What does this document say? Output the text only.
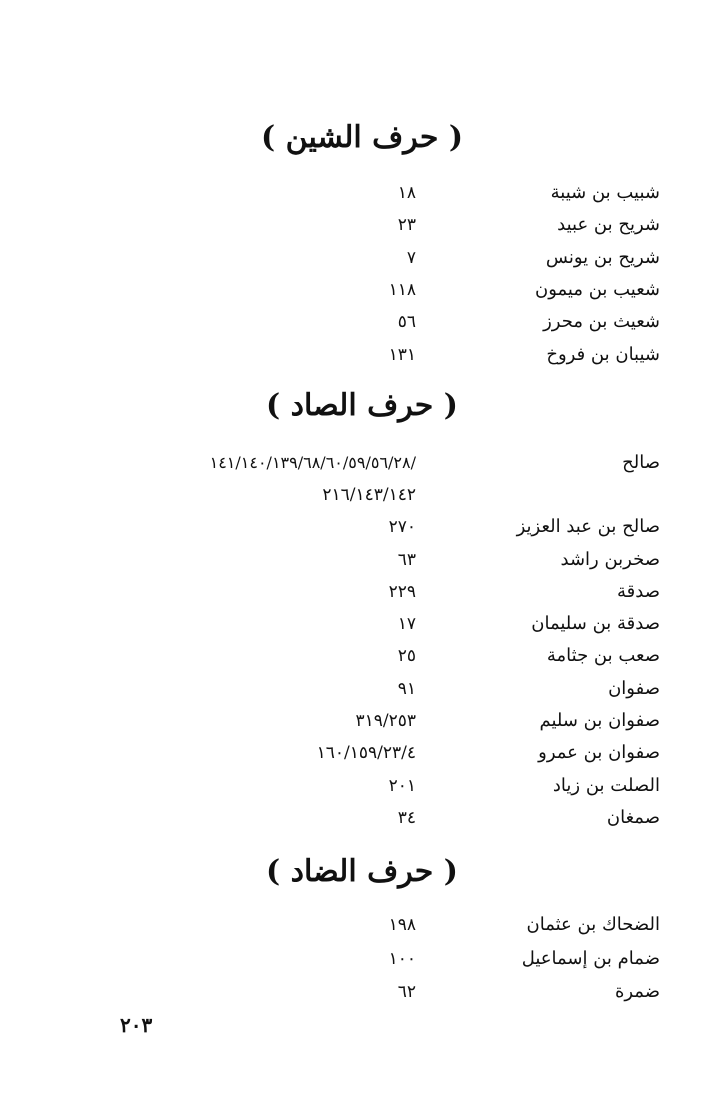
( حرف الشين )
شبيب بن شيبة
١٨
شريح بن عبيد
٢٣
شريح بن يونس
٧
شعيب بن ميمون
١١٨
شعيث بن محرز
٥٦
شيبان بن فروخ
١٣١
( حرف الصاد )
صالح
/١٤١/١٤٠/١٣٩/٦٨/٦٠/٥٩/٥٦/٢٨
٢١٦/١٤٣/١٤٢
صالح بن عبد العزيز
٢٧٠
صخربن راشد
٦٣
صدقة
٢٢٩
صدقة بن سليمان
١٧
صعب بن جثامة
٢٥
صفوان
٩١
صفوان بن سليم
٣١٩/٢٥٣
صفوان بن عمرو
١٦٠/١٥٩/٢٣/٤
الصلت بن زياد
٢٠١
صمغان
٣٤
( حرف الضاد )
الضحاك بن عثمان
١٩٨
ضمام بن إسماعيل
١٠٠
ضمرة
٦٢
٢٠٣
